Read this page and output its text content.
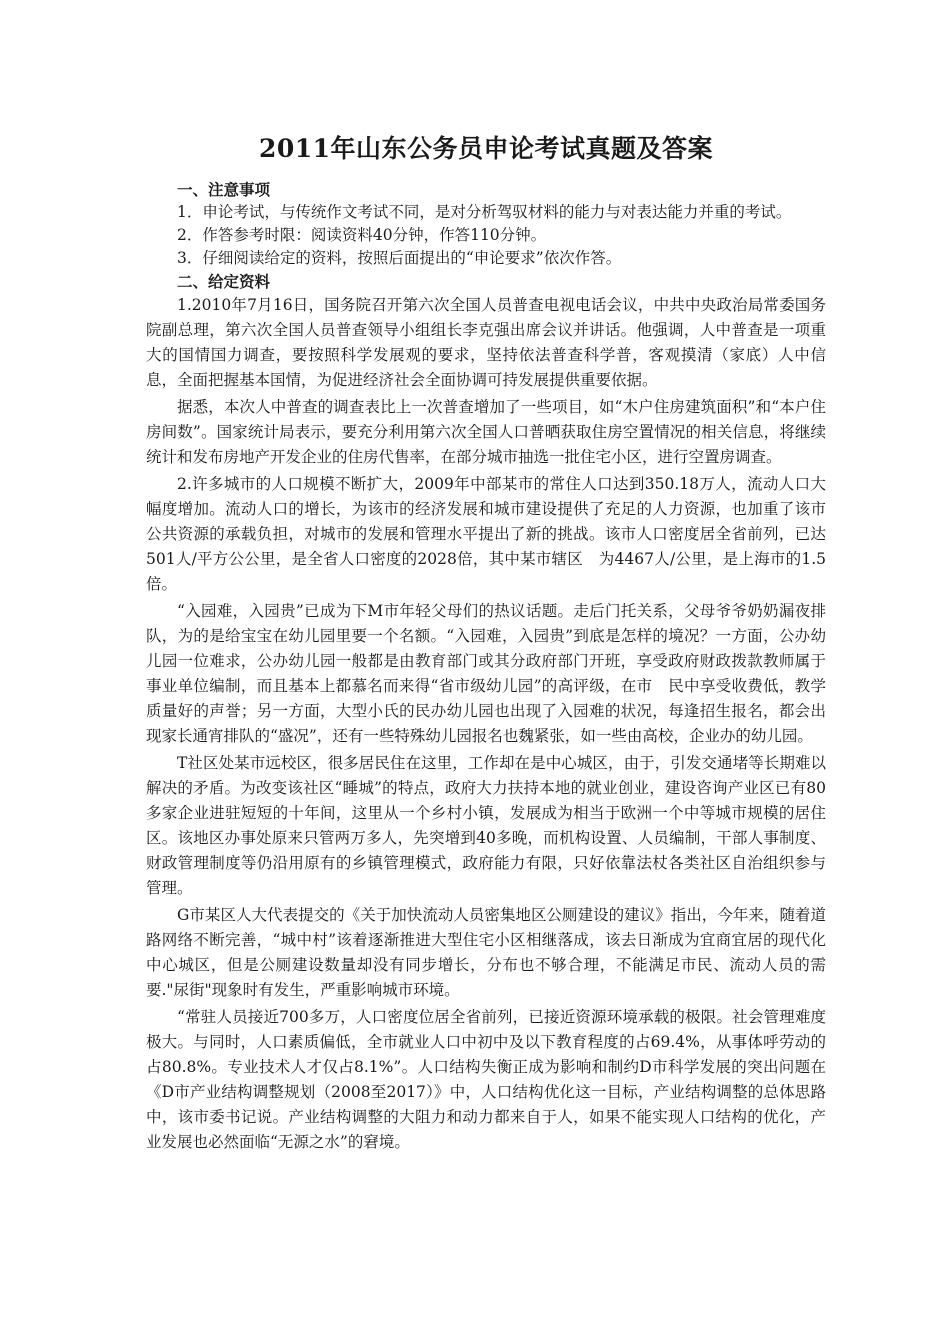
2011年山东公务员申论考试真题及答案

一、注意事项

1．申论考试，与传统作文考试不同，是对分析驾驭材料的能力与对表达能力并重的考试。

2．作答参考时限：阅读资料40分钟，作答110分钟。

3．仔细阅读给定的资料，按照后面提出的“申论要求”依次作答。

二、给定资料

1.2010年7月16日，国务院召开第六次全国人员普查电视电话会议，中共中央政治局常委国务院副总理，第六次全国人员普查领导小组组长李克强出席会议并讲话。他强调，人中普查是一项重大的国情国力调查，要按照科学发展观的要求，坚持依法普查科学普，客观摸清（家底）人中信息，全面把握基本国情，为促进经济社会全面协调可持发展提供重要依据。

据悉，本次人中普查的调查表比上一次普查增加了一些项目，如“木户住房建筑面积”和“本户住房间数”。国家统计局表示，要充分利用第六次全国人口普晒获取住房空置情况的相关信息，将继续统计和发布房地产开发企业的住房代售率，在部分城市抽选一批住宅小区，进行空置房调查。

2.许多城市的人口规模不断扩大，2009年中部某市的常住人口达到350.18万人，流动人口大幅度增加。流动人口的增长，为该市的经济发展和城市建设提供了充足的人力资源，也加重了该市公共资源的承载负担，对城市的发展和管理水平提出了新的挑战。该市人口密度居全省前列，已达501人/平方公公里，是全省人口密度的2028倍，其中某市辖区　为4467人/公里，是上海市的1.5倍。

“入园难，入园贵”已成为下M市年轻父母们的热议话题。走后门托关系，父母爷爷奶奶漏夜排队，为的是给宝宝在幼儿园里要一个名额。“入园难，入园贵”到底是怎样的境况？一方面，公办幼儿园一位难求，公办幼儿园一般都是由教育部门或其分政府部门开班，享受政府财政拨款教师属于事业单位编制，而且基本上都慕名而来得“省市级幼儿园”的高评级，在市　民中享受收费低，教学质量好的声誉；另一方面，大型小氏的民办幼儿园也出现了入园难的状况，每逢招生报名，都会出现家长通宵排队的“盛况”，还有一些特殊幼儿园报名也魏紧张，如一些由高校，企业办的幼儿园。

T社区处某市远校区，很多居民住在这里，工作却在是中心城区，由于，引发交通堵等长期难以解决的矛盾。为改变该社区“睡城”的特点，政府大力扶持本地的就业创业，建设咨询产业区已有80多家企业进驻短短的十年间，这里从一个乡村小镇，发展成为相当于欧洲一个中等城市规模的居住区。该地区办事处原来只管两万多人，先突增到40多晚，而机构设置、人员编制，干部人事制度、财政管理制度等仍沿用原有的乡镇管理模式，政府能力有限，只好依靠法杖各类社区自治组织参与管理。

G市某区人大代表提交的《关于加快流动人员密集地区公厕建设的建议》指出，今年来，随着道路网络不断完善，“城中村”该着逐渐推进大型住宅小区相继落成，该去日渐成为宜商宜居的现代化中心城区，但是公厕建设数量却没有同步增长，分布也不够合理，不能满足市民、流动人员的需要."尿街"现象时有发生，严重影响城市环境。

“常驻人员接近700多万，人口密度位居全省前列，已接近资源环境承载的极限。社会管理难度极大。与同时，人口素质偏低，全市就业人口中初中及以下教育程度的占69.4%，从事体呼劳动的占80.8%。专业技术人才仅占8.1%”。人口结构失衡正成为影响和制约D市科学发展的突出问题在《D市产业结构调整规划（2008至2017）》中，人口结构优化这一目标，产业结构调整的总体思路中，该市委书记说。产业结构调整的大阻力和动力都来自于人，如果不能实现人口结构的优化，产业发展也必然面临“无源之水”的窘境。
